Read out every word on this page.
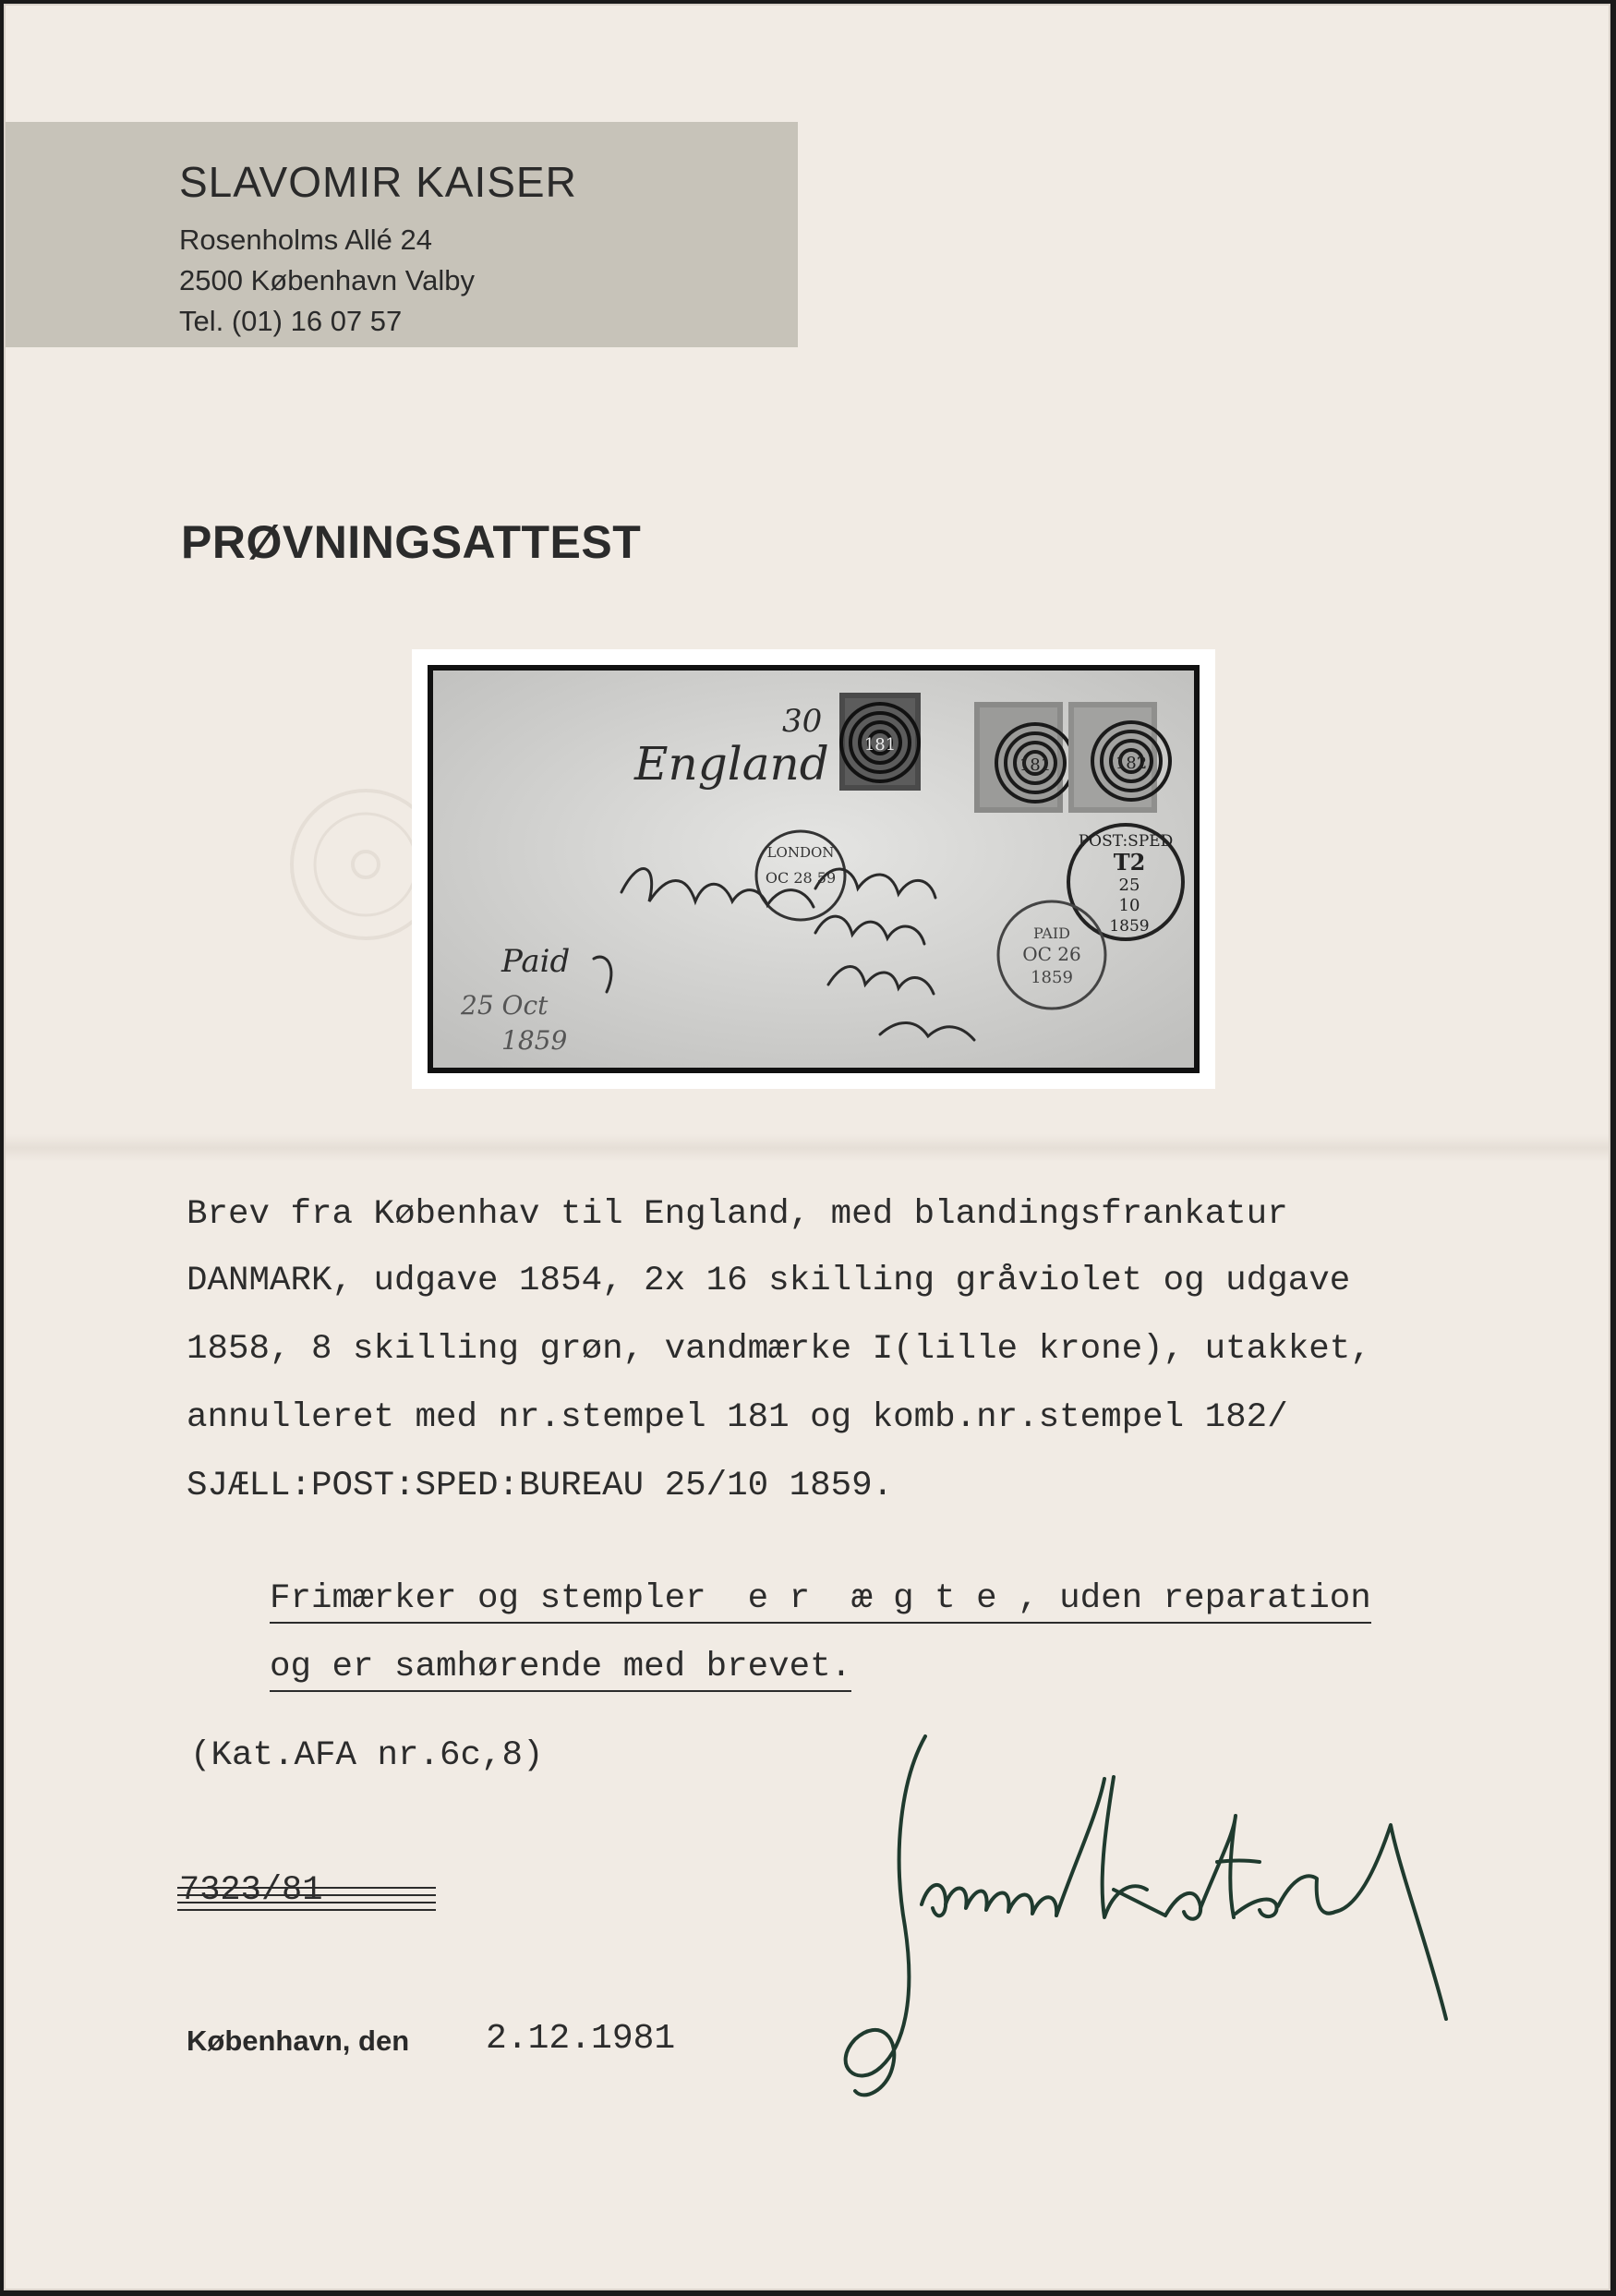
SLAVOMIR KAISER
Rosenholms Allé 24
2500 København Valby
Tel. (01) 16 07 57
PRØVNINGSATTEST
181
181	182
LONDON
OC 28 59
POST:SPED
T2
25
10
1859
PAID
OC 26
1859
30
England
Paid
25 Oct
1859
Brev fra Københav til England, med blandingsfrankatur
DANMARK, udgave 1854, 2x 16 skilling gråviolet og udgave
1858, 8 skilling grøn, vandmærke I(lille krone), utakket,
annulleret med nr.stempel 181 og komb.nr.stempel 182/
SJÆLL:POST:SPED:BUREAU 25/10 1859.

Frimærker og stempler  e r  æ g t e , uden reparation

og er samhørende med brevet.

(Kat.AFA nr.6c,8)
7323/81
København, den 2.12.1981
